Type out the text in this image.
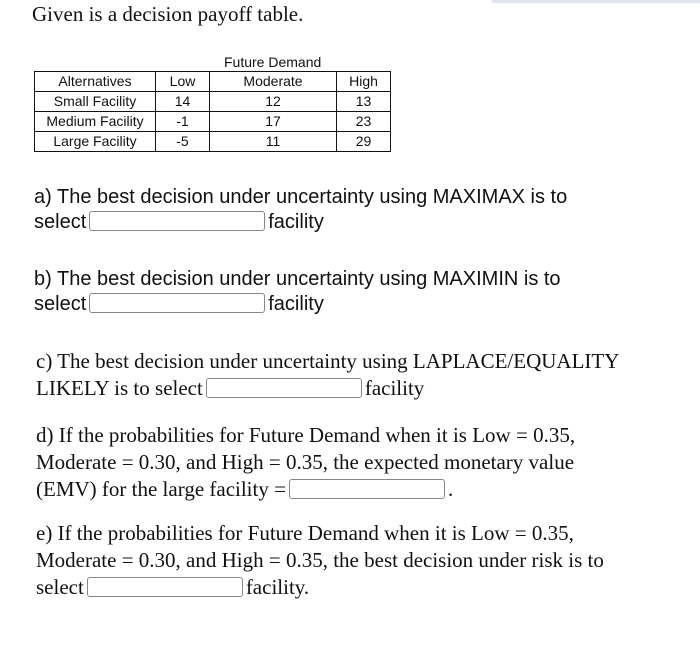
Given is a decision payoff table.
Future Demand
Alternatives	Low	Moderate	High
Small Facility	14	12	13
Medium Facility	-1	17	23
Large Facility	-5	11	29
a) The best decision under uncertainty using MAXIMAX is to
select	facility
b) The best decision under uncertainty using MAXIMIN is to
select	facility
c) The best decision under uncertainty using LAPLACE/EQUALITY
LIKELY is to select	facility
d) If the probabilities for Future Demand when it is Low = 0.35,
Moderate = 0.30, and High = 0.35, the expected monetary value
(EMV) for the large facility =	.
e) If the probabilities for Future Demand when it is Low = 0.35,
Moderate = 0.30, and High = 0.35, the best decision under risk is to
select	facility.
